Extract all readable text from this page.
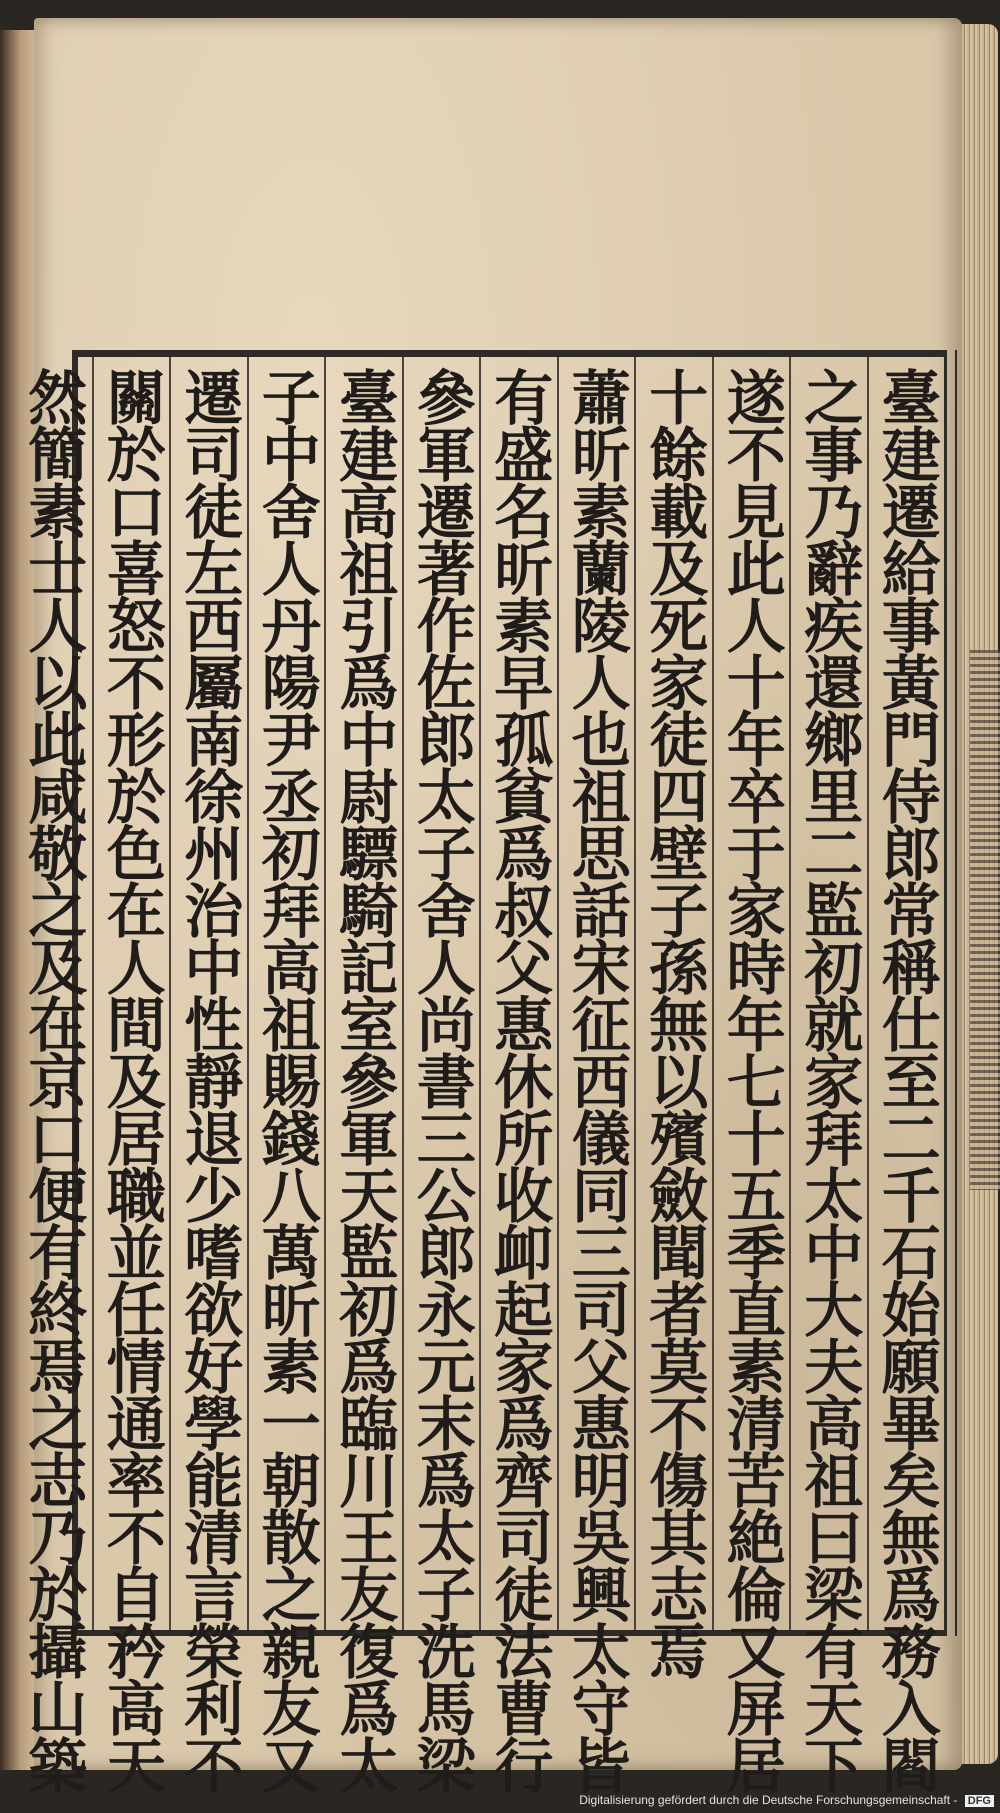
臺建遷給事黃門侍郎常稱仕至二千石始願畢矣無爲務入閻
之事乃辭疾還鄉里二監初就家拜太中大夫高祖曰梁有天下
遂不見此人十年卒于家時年七十五季直素清苦絶倫又屏居
十餘載及死家徒四壁子孫無以殯斂聞者莫不傷其志焉
蕭昕素蘭陵人也祖思話宋征西儀同三司父惠明吳興太守皆
有盛名昕素早孤貧爲叔父惠休所收卹起家爲齊司徒法曹行
參軍遷著作佐郎太子舍人尚書三公郎永元末爲太子洗馬梁
臺建高祖引爲中尉驃騎記室參軍天監初爲臨川王友復爲太
子中舍人丹陽尹丞初拜高祖賜錢八萬昕素一朝散之親友又
遷司徒左西屬南徐州治中性靜退少嗜欲好學能清言榮利不
關於口喜怒不形於色在人間及居職並任情通率不自矜高天
然簡素士人以此咸敬之及在京口便有終焉之志乃於攝山築
Digitalisierung gefördert durch die Deutsche Forschungsgemeinschaft - DFG
